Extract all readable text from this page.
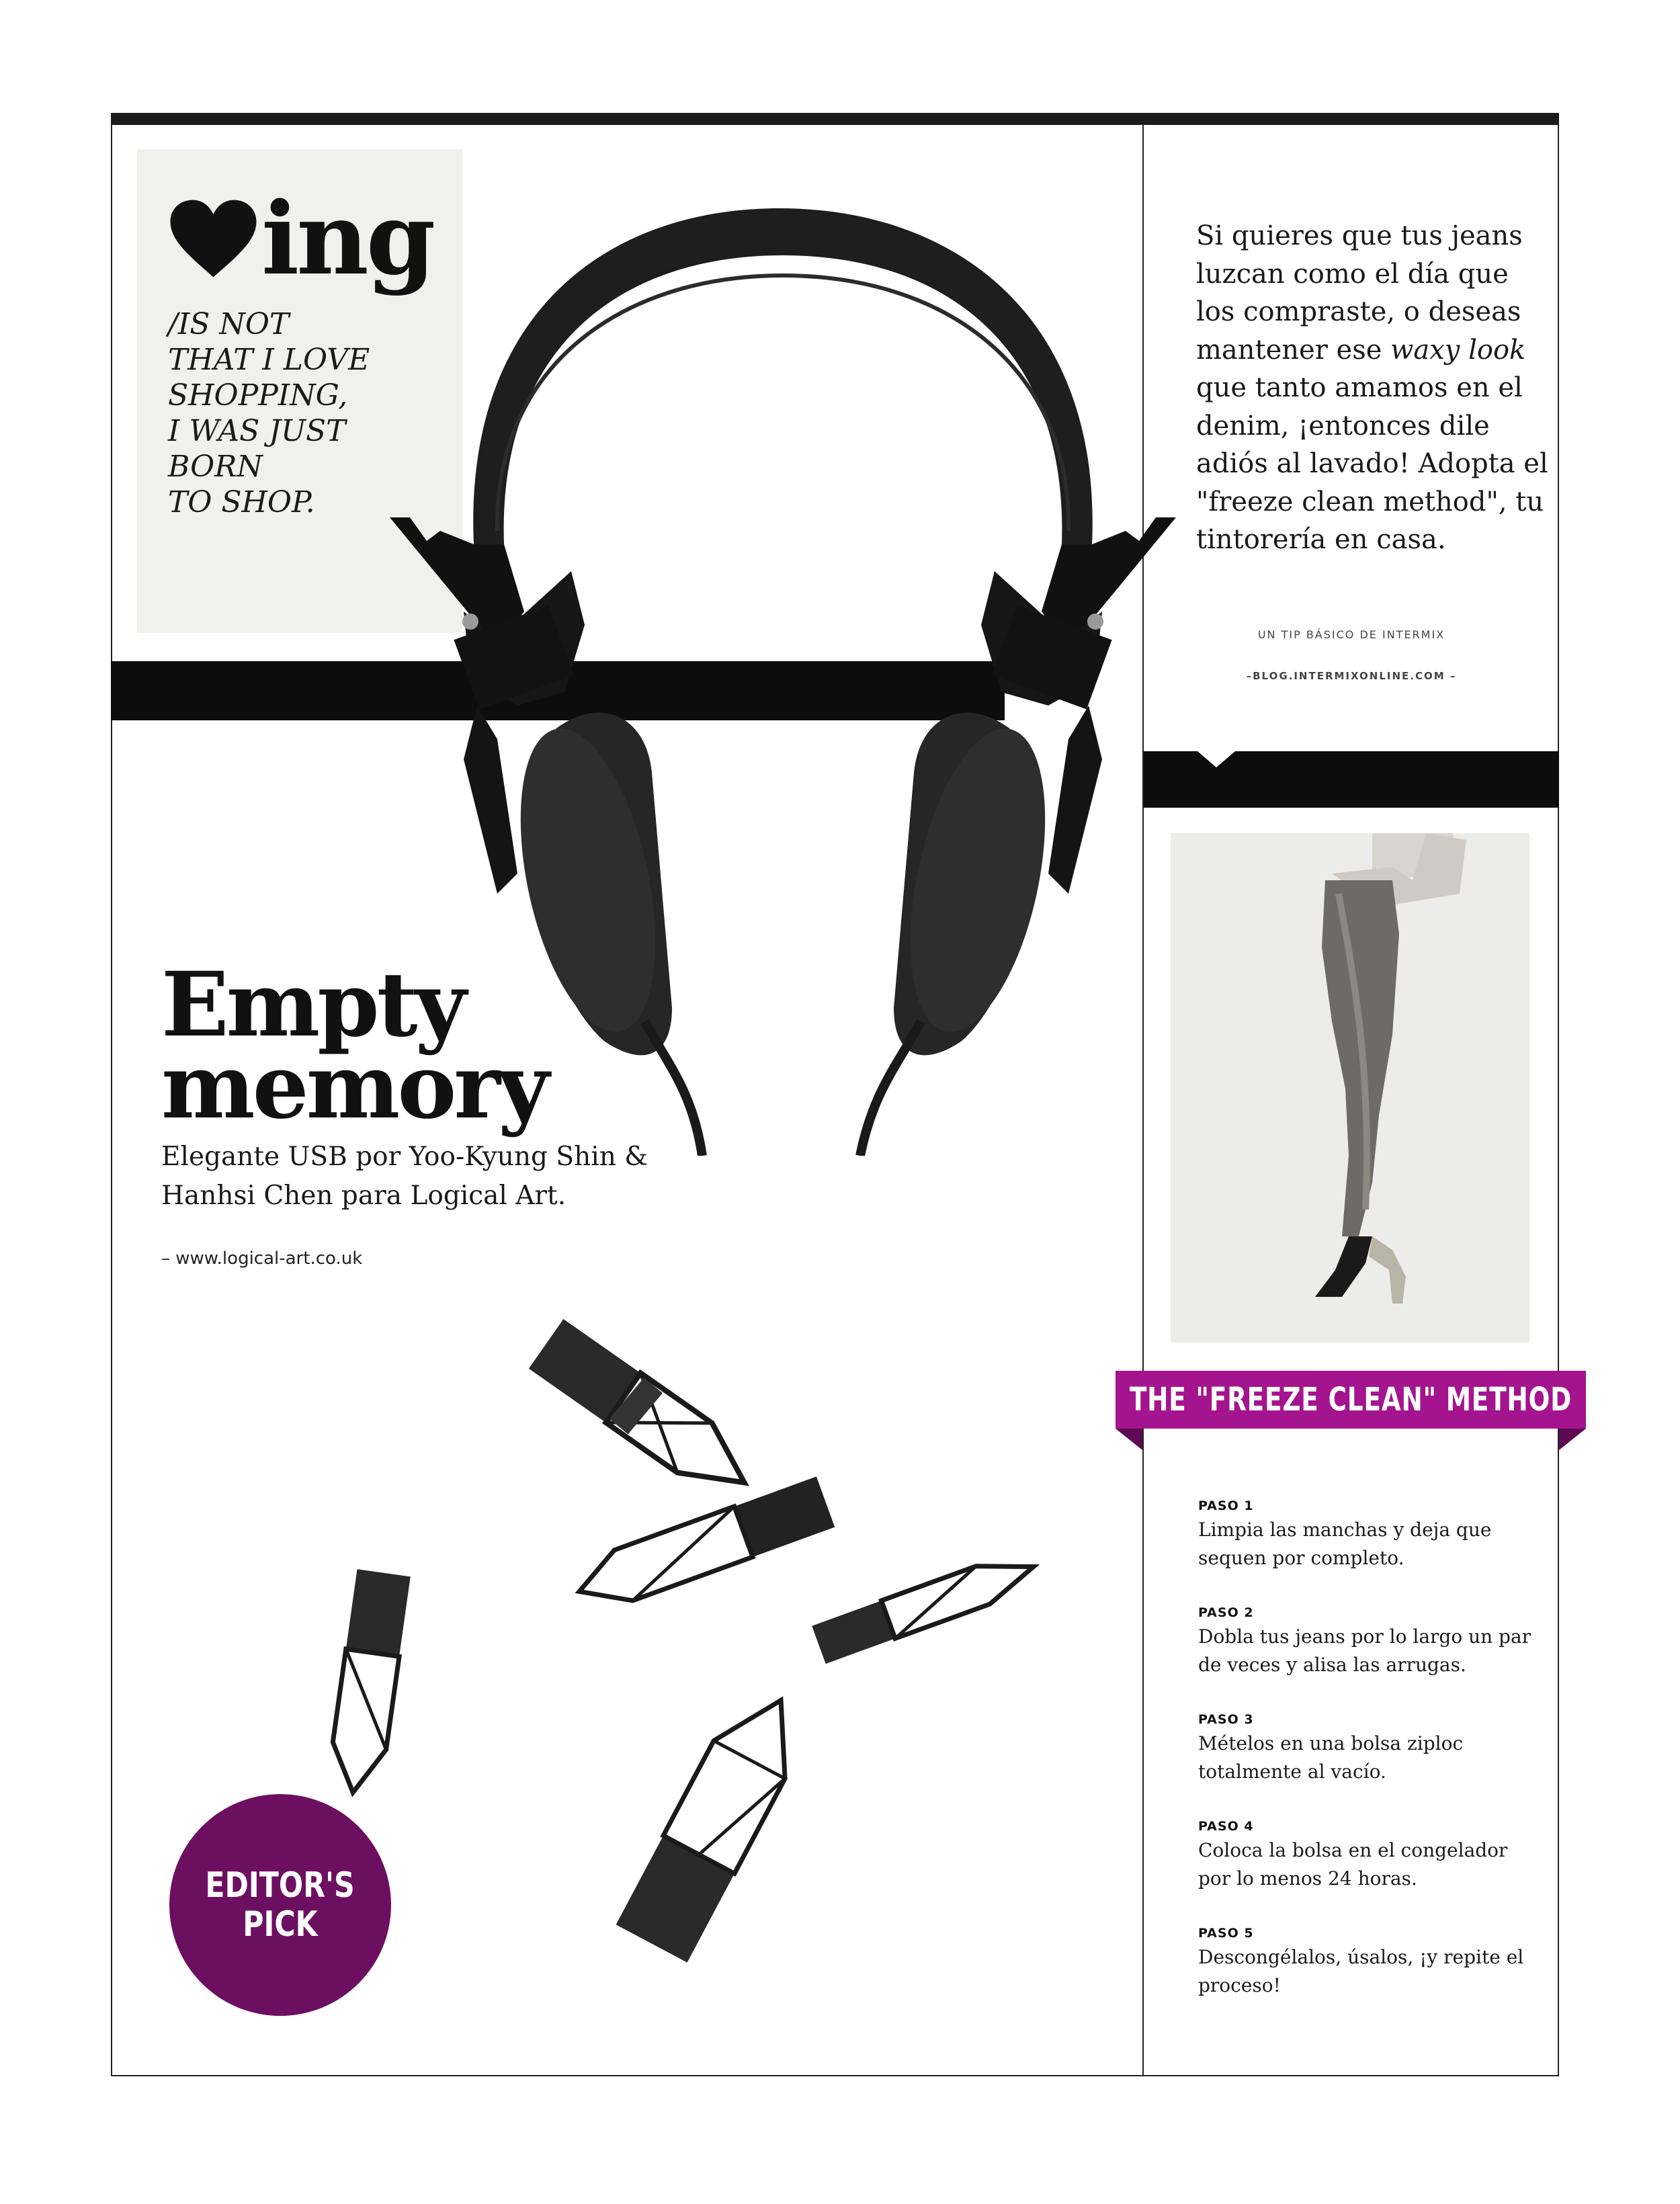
ing
/IS NOT
THAT I LOVE
SHOPPING,
I WAS JUST
BORN
TO SHOP.
Empty
memory
Elegante USB por Yoo-Kyung Shin &
Hanhsi Chen para Logical Art.
– www.logical-art.co.uk
EDITOR'S
PICK
Si quieres que tus jeans
luzcan como el día que
los compraste, o deseas
mantener ese waxy look
que tanto amamos en el
denim, ¡entonces dile
adiós al lavado! Adopta el
"freeze clean method", tu
tintorería en casa.
UN TIP BÁSICO DE INTERMIX
–BLOG.INTERMIXONLINE.COM –
THE "FREEZE CLEAN" METHOD
PASO 1
Limpia las manchas y deja que
sequen por completo.
PASO 2
Dobla tus jeans por lo largo un par
de veces y alisa las arrugas.
PASO 3
Mételos en una bolsa ziploc
totalmente al vacío.
PASO 4
Coloca la bolsa en el congelador
por lo menos 24 horas.
PASO 5
Descongélalos, úsalos, ¡y repite el
proceso!
